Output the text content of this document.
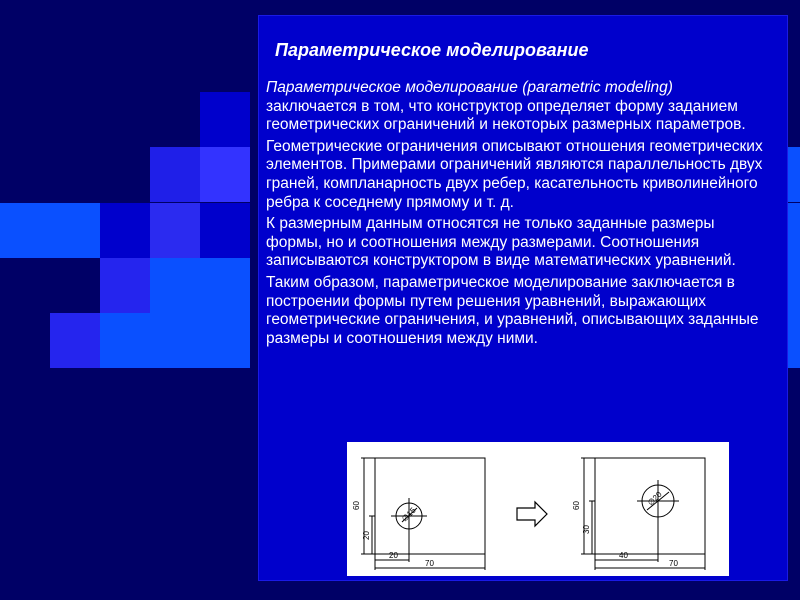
Параметрическое моделирование

Параметрическое моделирование (parametric modeling) заключается в том, что конструктор определяет форму заданием геометрических ограничений и некоторых размерных параметров.

Геометрические ограничения описывают отношения геометрических элементов. Примерами ограничений являются параллельность двух граней, компланарность двух ребер, касательность криволинейного ребра к соседнему прямому и т. д.

К размерным данным относятся не только заданные размеры формы, но и соотношения между размерами. Соотношения записываются конструктором в виде математических уравнений.

Таким образом, параметрическое моделирование заключается в построении формы путем решения уравнений, выражающих геометрические ограничения, и уравнений, описывающих заданные размеры и соотношения между ними.

60
20
20
70
∅15
60
30
40
70
∅20
